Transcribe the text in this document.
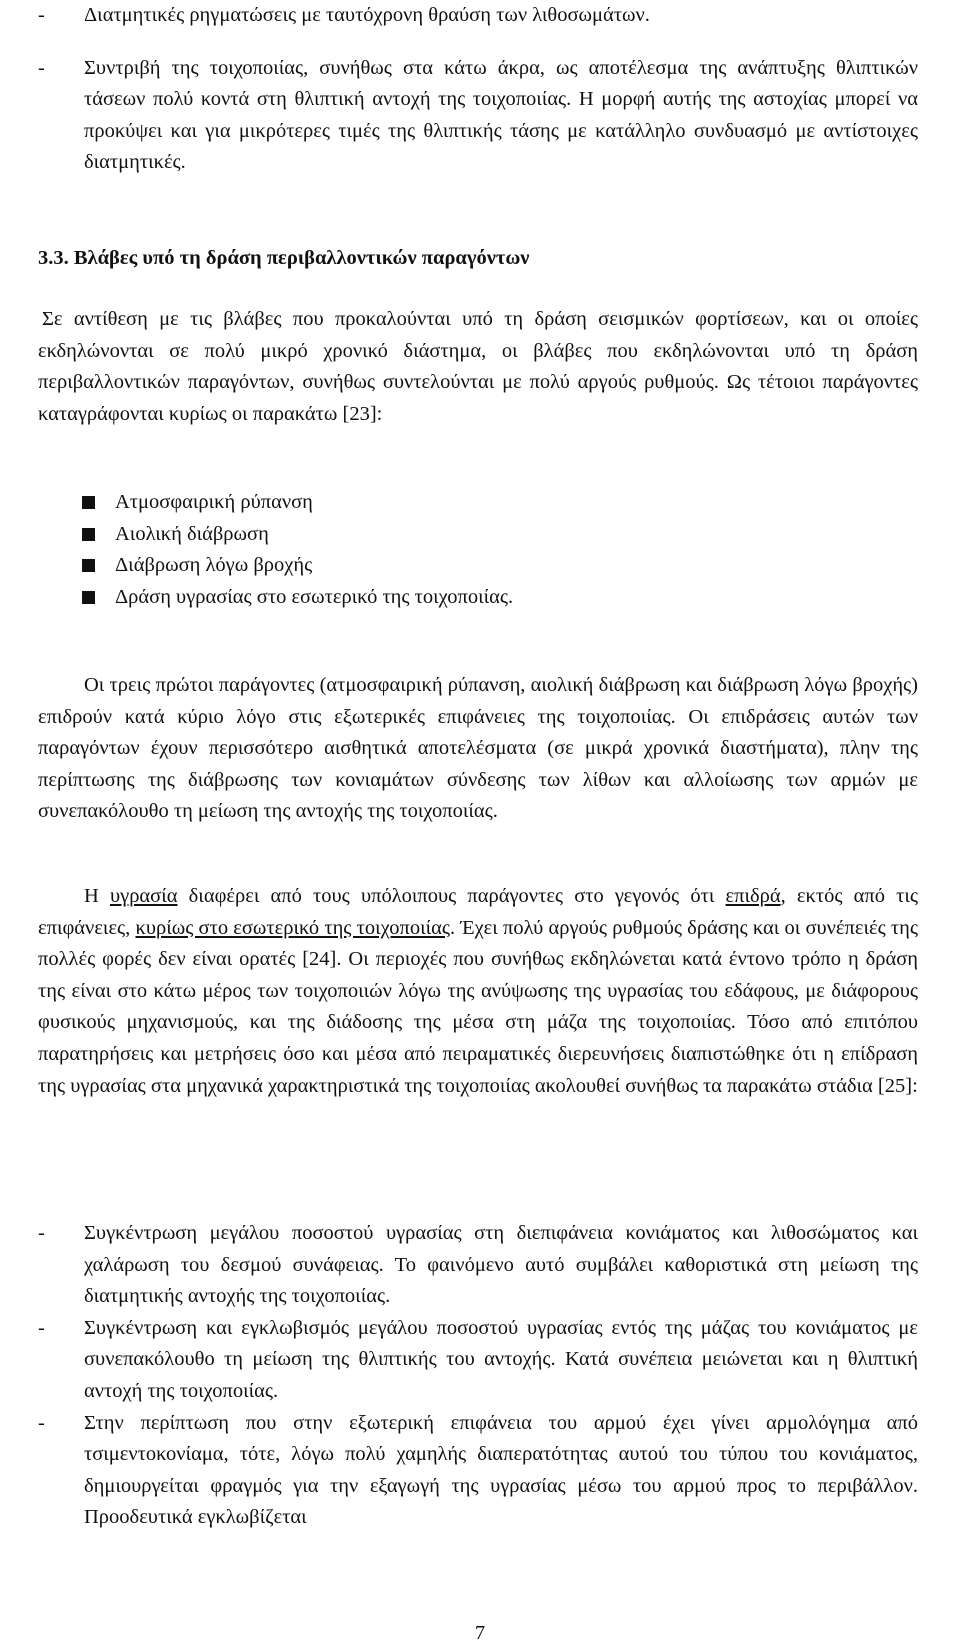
-	Διατμητικές ρηγματώσεις με ταυτόχρονη θραύση των λιθοσωμάτων.

-	Συντριβή της τοιχοποιίας, συνήθως στα κάτω άκρα, ως αποτέλεσμα της ανάπτυξης θλιπτικών τάσεων πολύ κοντά στη θλιπτική αντοχή της τοιχοποιίας. Η μορφή αυτής της αστοχίας μπορεί να προκύψει και για μικρότερες τιμές της θλιπτικής τάσης με κατάλληλο συνδυασμό με αντίστοιχες διατμητικές.

3.3. Βλάβες υπό τη δράση περιβαλλοντικών παραγόντων

Σε αντίθεση με τις βλάβες που προκαλούνται υπό τη δράση σεισμικών φορτίσεων, και οι οποίες εκδηλώνονται σε πολύ μικρό χρονικό διάστημα, οι βλάβες που εκδηλώνονται υπό τη δράση περιβαλλοντικών παραγόντων, συνήθως συντελούνται με πολύ αργούς ρυθμούς. Ως τέτοιοι παράγοντες καταγράφονται κυρίως οι παρακάτω [23]:

Ατμοσφαιρική ρύπανση
Αιολική διάβρωση
Διάβρωση λόγω βροχής
Δράση υγρασίας στο εσωτερικό της τοιχοποιίας.

Οι τρεις πρώτοι παράγοντες (ατμοσφαιρική ρύπανση, αιολική διάβρωση και διάβρωση λόγω βροχής) επιδρούν κατά κύριο λόγο στις εξωτερικές επιφάνειες της τοιχοποιίας. Οι επιδράσεις αυτών των παραγόντων έχουν περισσότερο αισθητικά αποτελέσματα (σε μικρά χρονικά διαστήματα), πλην της περίπτωσης της διάβρωσης των κονιαμάτων σύνδεσης των λίθων και αλλοίωσης των αρμών με συνεπακόλουθο τη μείωση της αντοχής της τοιχοποιίας.

Η υγρασία διαφέρει από τους υπόλοιπους παράγοντες στο γεγονός ότι επιδρά, εκτός από τις επιφάνειες, κυρίως στο εσωτερικό της τοιχοποιίας. Έχει πολύ αργούς ρυθμούς δράσης και οι συνέπειές της πολλές φορές δεν είναι ορατές [24]. Οι περιοχές που συνήθως εκδηλώνεται κατά έντονο τρόπο η δράση της είναι στο κάτω μέρος των τοιχοποιιών λόγω της ανύψωσης της υγρασίας του εδάφους, με διάφορους φυσικούς μηχανισμούς, και της διάδοσης της μέσα στη μάζα της τοιχοποιίας. Τόσο από επιτόπου παρατηρήσεις και μετρήσεις όσο και μέσα από πειραματικές διερευνήσεις διαπιστώθηκε ότι η επίδραση της υγρασίας στα μηχανικά χαρακτηριστικά της τοιχοποιίας ακολουθεί συνήθως τα παρακάτω στάδια [25]:

-	Συγκέντρωση μεγάλου ποσοστού υγρασίας στη διεπιφάνεια κονιάματος και λιθοσώματος και χαλάρωση του δεσμού συνάφειας. Το φαινόμενο αυτό συμβάλει καθοριστικά στη μείωση της διατμητικής αντοχής της τοιχοποιίας.

-	Συγκέντρωση και εγκλωβισμός μεγάλου ποσοστού υγρασίας εντός της μάζας του κονιάματος με συνεπακόλουθο τη μείωση της θλιπτικής του αντοχής. Κατά συνέπεια μειώνεται και η θλιπτική αντοχή της τοιχοποιίας.

-	Στην περίπτωση που στην εξωτερική επιφάνεια του αρμού έχει γίνει αρμολόγημα από τσιμεντοκονίαμα, τότε, λόγω πολύ χαμηλής διαπερατότητας αυτού του τύπου του κονιάματος, δημιουργείται φραγμός για την εξαγωγή της υγρασίας μέσω του αρμού προς το περιβάλλον. Προοδευτικά εγκλωβίζεται

7
